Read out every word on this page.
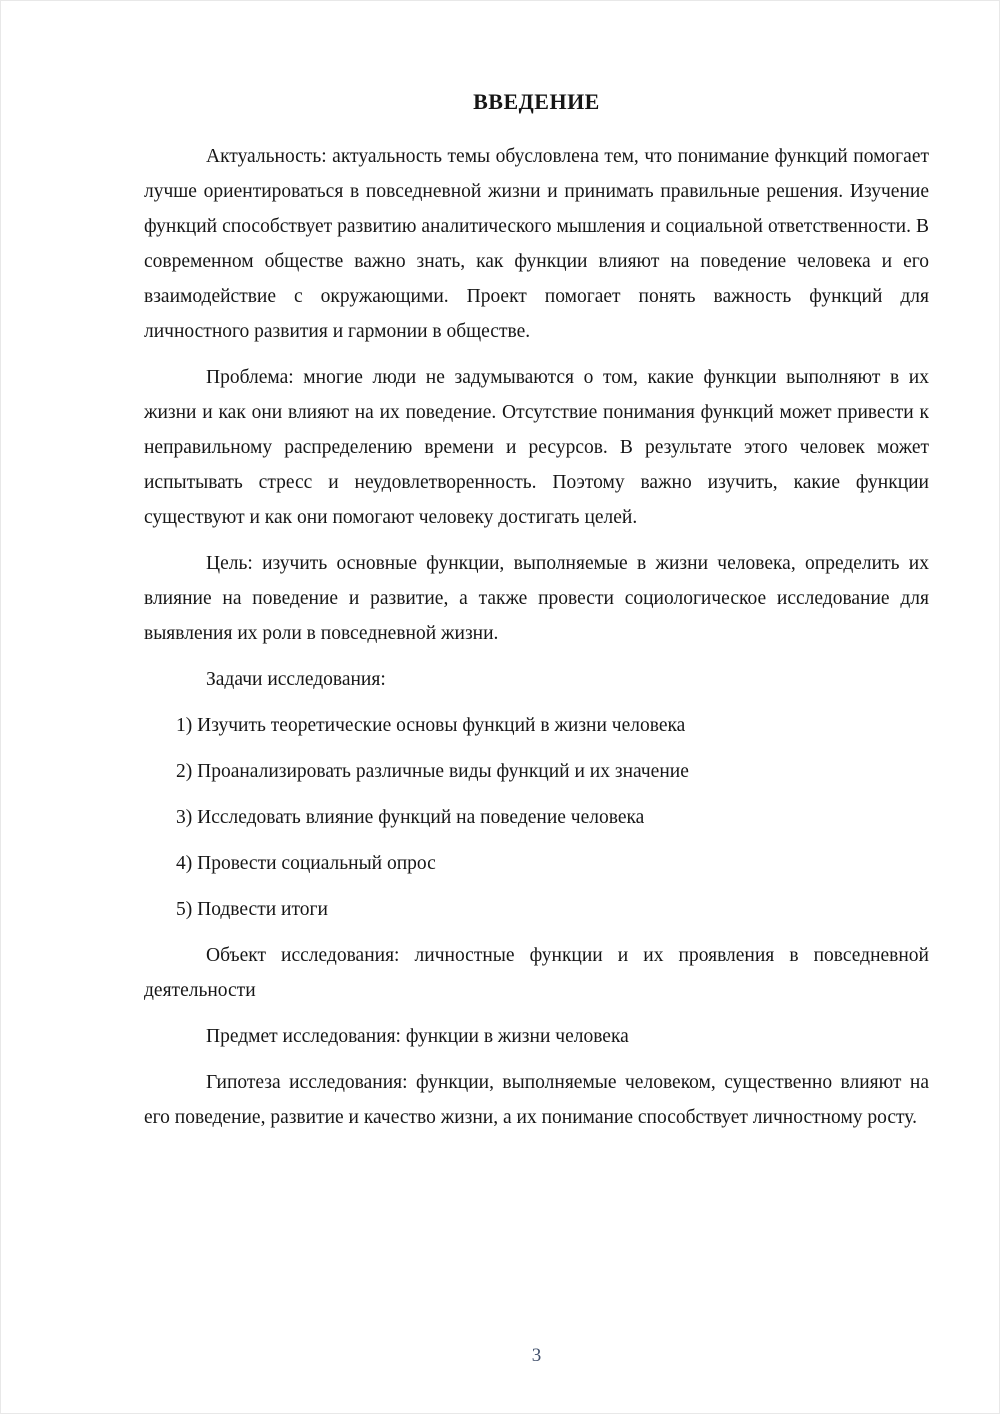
ВВЕДЕНИЕ

Актуальность: актуальность темы обусловлена тем, что понимание функций помогает лучше ориентироваться в повседневной жизни и принимать правильные решения. Изучение функций способствует развитию аналитического мышления и социальной ответственности. В современном обществе важно знать, как функции влияют на поведение человека и его взаимодействие с окружающими. Проект помогает понять важность функций для личностного развития и гармонии в обществе.

Проблема: многие люди не задумываются о том, какие функции выполняют в их жизни и как они влияют на их поведение. Отсутствие понимания функций может привести к неправильному распределению времени и ресурсов. В результате этого человек может испытывать стресс и неудовлетворенность. Поэтому важно изучить, какие функции существуют и как они помогают человеку достигать целей.

Цель: изучить основные функции, выполняемые в жизни человека, определить их влияние на поведение и развитие, а также провести социологическое исследование для выявления их роли в повседневной жизни.

Задачи исследования:

1) Изучить теоретические основы функций в жизни человека

2) Проанализировать различные виды функций и их значение

3) Исследовать влияние функций на поведение человека

4) Провести социальный опрос

5) Подвести итоги

Объект исследования: личностные функции и их проявления в повседневной деятельности

Предмет исследования: функции в жизни человека

Гипотеза исследования: функции, выполняемые человеком, существенно влияют на его поведение, развитие и качество жизни, а их понимание способствует личностному росту.

3
